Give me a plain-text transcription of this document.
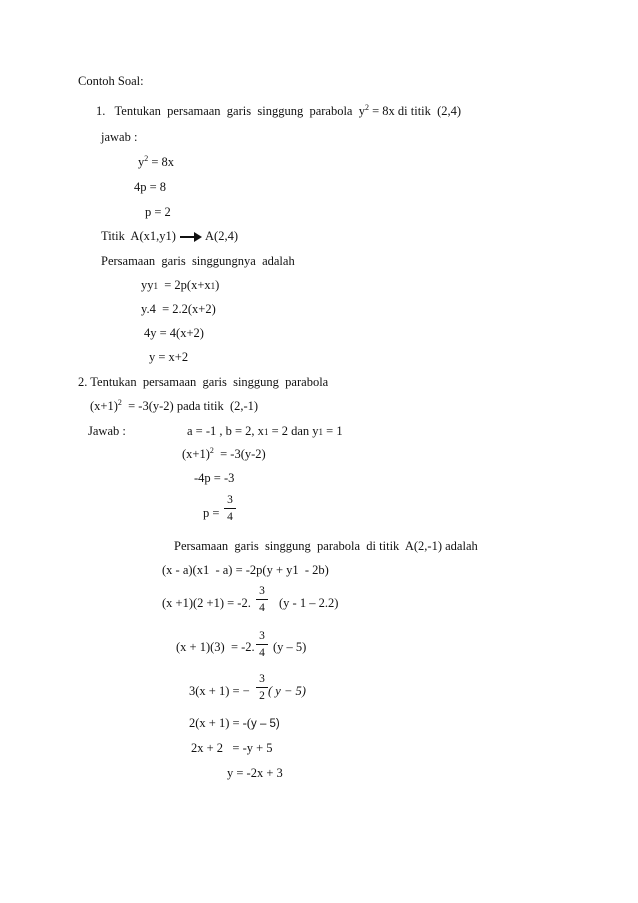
Contoh Soal:
1. Tentukan  persamaan  garis  singgung  parabola  $y^2 = 8x$ di titik  (2,4)
jawab :
$y^2 = 8x$
4p = 8
p = 2
Titik  A(x1,y1) A(2,4)
Persamaan  garis  singgungnya  adalah
yy1  = 2p(x+x1)
y.4  = 2.2(x+2)
4y = 4(x+2)
y = x+2
2. Tentukan  persamaan  garis  singgung  parabola
$(x+1)^2 = -3(y-2)$ pada titik  (2,-1)
Jawab :	a = -1 , b = 2, x1 = 2 dan y1 = 1
$(x+1)^2 = -3(y-2)$
-4p = -3
p =
3
4
Persamaan  garis  singgung  parabola  di titik  A(2,-1) adalah
(x - a)(x1  - a) = -2p(y + y1  - 2b)
(x +1)(2 +1) = -2.
3
4 (y - 1 – 2.2)
(x + 1)(3)  = -2.
3
4 (y – 5)
3(x + 1) = −
3
2 ( y − 5)
2(x + 1) = -(y – 5)
2x + 2   = -y + 5
y = -2x + 3
